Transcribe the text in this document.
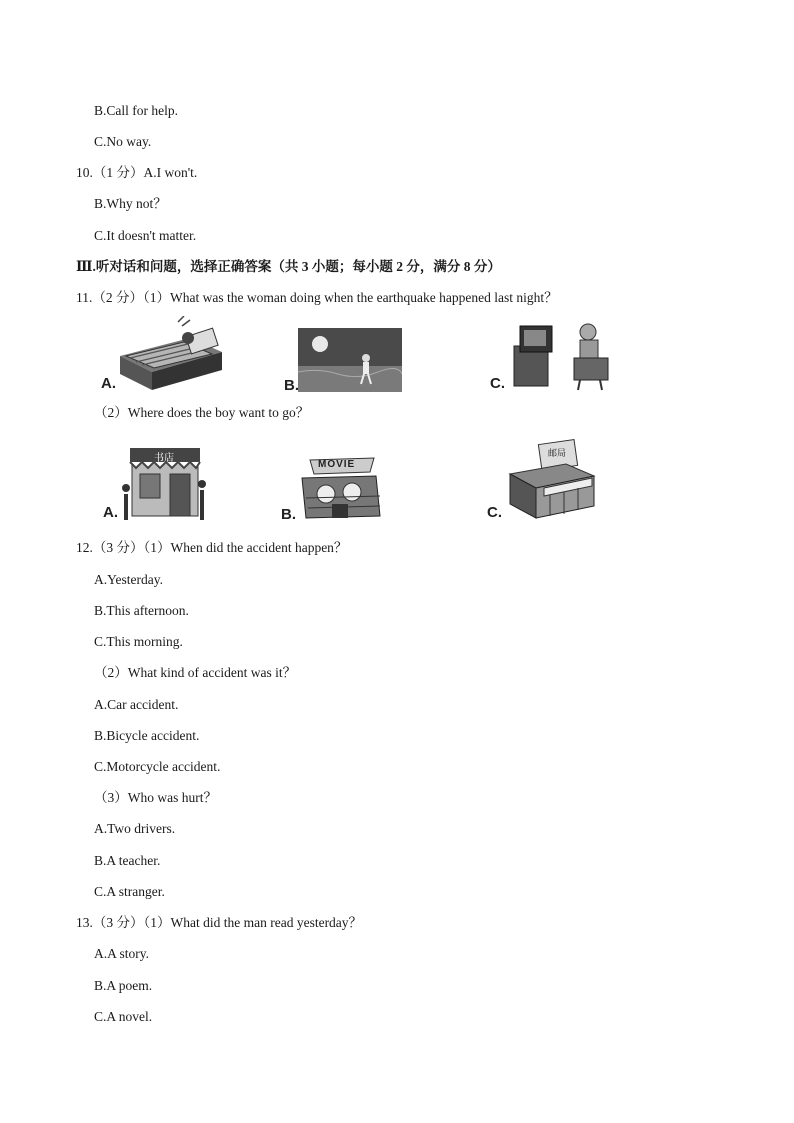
B.Call for help.
C.No way.
10.（1 分）A.I won't.
B.Why not？
C.It doesn't matter.
Ⅲ.听对话和问题，选择正确答案（共 3 小题；每小题 2 分，满分 8 分）
11.（2 分）（1）What was the woman doing when the earthquake happened last night？
A.	B.	C.
（2）Where does the boy want to go？
书店
A.
MOVIE
B.
邮局
C.
12.（3 分）（1）When did the accident happen？
A.Yesterday.
B.This afternoon.
C.This morning.
（2）What kind of accident was it？
A.Car accident.
B.Bicycle accident.
C.Motorcycle accident.
（3）Who was hurt？
A.Two drivers.
B.A teacher.
C.A stranger.
13.（3 分）（1）What did the man read yesterday？
A.A story.
B.A poem.
C.A novel.
